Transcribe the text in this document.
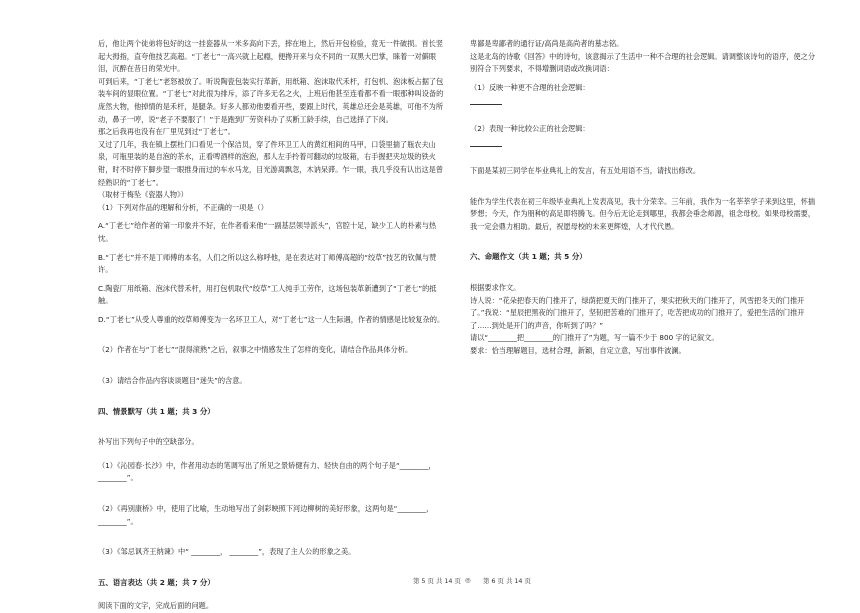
后，他让两个徒弟将包好的这一挂瓷器从一米多高向下丢，摔在地上，然后开包检验，竟无一件破损。首长竖起大拇指，直夸他技艺高超。“丁老七”一高兴就上起瘾，便搀开来与众不同的一双黑大巴掌，睐着一对僻眼泪，沉醉在昔日的荣光中。

可到后来，“丁老七”老怒被放了。听说陶瓷包装实行革新，用纸箱、泡沫取代禾杆，打包机、泡沫板占据了包装车间的显眼位置。“丁老七”对此很为排斥，添了许多无名之火，上班后他甚至连看都不看一眼那种叫设备的庞然大物，他掉情的是禾杆，是腿条。好多人都劝他要看开些，要跟上时代，英雄总还会是英雄，可他不为所动，鼻子一哼，说“老子不要服了！”于是跑到厂劳资科办了买断工龄手续，自己选择了下岗。

那之后我再也没有在厂里见到过“丁老七”。

又过了几年，我在镇上摆杜门口看见一个保洁员，穿了件环卫工人的黄红相间的马甲，口袋里揣了瓶农夫山泉，可瓶里装的是自泡的茶水，正看啤酒样的泡泡，那人左手拎着可翻动的垃圾箱，右手握把夹垃圾的铁火钳，时不时停下脚步望一眼推身而过的车水马龙，目光游离飘忽，木讷呆滞。乍一眼，我几乎没有认出这是曾经熟识的“丁老七”。

（取材于梅坠《瓷器人物》）

（1）下列对作品的理解和分析，不正确的一项是（）

A.“丁老七”给作者的第一印象并不好，在作者看来他“一副基层领导派头”，官腔十足，缺少工人的朴素与热忱。

B.“丁老七”并不是丁师傅的本名，人们之所以这么称呼他，是在表达对丁师傅高超的“绞草”技艺的钦佩与赞许。

C.陶瓷厂用纸箱、泡沫代替禾杆，用打包机取代“绞草”工人纯手工劳作，这场包装革新遭到了“丁老七”的抵触。

D.“丁老七”从受人尊重的绞草师傅变为一名环卫工人，对“丁老七”这一人生际遇，作者的情感是比较复杂的。

（2）作者在与“丁老七”“混得滚熟”之后，叙事之中情感发生了怎样的变化，请结合作品具体分析。

（3）请结合作品内容谈谈题目“迷失”的含意。

四、情景默写（共 1 题；共 3 分）

补写出下列句子中的空缺部分。

（1）《沁园春·长沙》中，作者用动态的笔调写出了所见之景矫健有力、轻快自由的两个句子是“________，________”。

（2）《再别康桥》中，使用了比喻，生动地写出了剑彩映照下河边柳树的美好形象，这两句是“________，________”。

（3）《邹忌讽齐王纳谏》中“ ________， ________”，表现了主人公的形象之美。

五、语言表达（共 2 题；共 7 分）

阅读下面的文字，完成后面的问题。

卑鄙是卑鄙者的通行证/高尚是高尚者的墓志铭。

这是北岛的诗歌《回答》中的诗句，该意揭示了生活中一种不合理的社会逻辑。请调整该诗句的语序，使之分别符合下列要求，不得增删词语或改换词语：

（1）反映一种更不合理的社会逻辑：

（2）表现一种比较公正的社会逻辑：

下面是某初三同学在毕业典礼上的发言，有五处用语不当，请找出修改。

能作为学生代表在初三年级毕业典礼上发表高见，我十分荣幸。三年前，我作为一名莘莘学子来到这里，怀揣梦想；今天，作为朋种的高足即将腾飞。但今后无论走到哪里，我都会垂念师源，祖念母校。如果母校需要，我一定会鼎力相助。最后，祝愿母校的未来更辉煌，人才代代愚。

六、命题作文（共 1 题；共 5 分）

根据要求作文。

诗人说：“花朵把春天的门推开了，绿荫把夏天的门推开了，果实把秋天的门推开了，风雪把冬天的门推开了。”我说：“星辰把黑夜的门推开了，坚韧把苦难的门推开了，吃苦把成功的门推开了，爱把生活的门推开了……到处是开门的声音，你听到了吗？”

请以“________把________的门推开了”为题，写一篇不少于 800 字的记叙文。

要求：恰当理解题目，选材合理，新颖，自定立意，写出事件波澜。

第 5 页 共 14 页 ◎ 第 6 页 共 14 页
